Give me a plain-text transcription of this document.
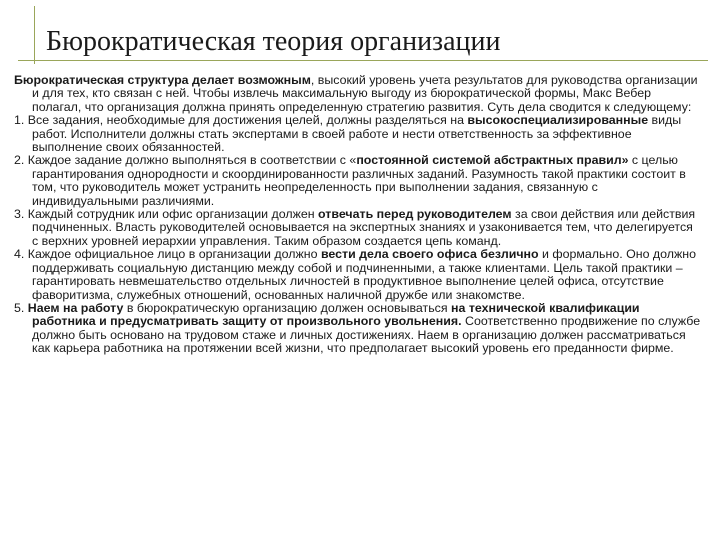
Бюрократическая теория организации

Бюрократическая структура делает возможным, высокий уровень учета результатов для руководства организации и для тех, кто связан с ней. Чтобы извлечь максимальную выгоду из бюрократической формы, Макс Вебер полагал, что организация должна принять определенную стратегию развития. Суть дела сводится к следующему:

1. Все задания, необходимые для достижения целей, должны разделяться на высокоспециализированные виды работ. Исполнители должны стать экспертами в своей работе и нести ответственность за эффективное выполнение своих обязанностей.

2. Каждое задание должно выполняться в соответствии с «постоянной системой абстрактных правил» с целью гарантирования однородности и скоординированности различных заданий. Разумность такой практики состоит в том, что руководитель может устранить неопределенность при выполнении задания, связанную с индивидуальными различиями.

3. Каждый сотрудник или офис организации должен отвечать перед руководителем за свои действия или действия подчиненных. Власть руководителей основывается на экспертных знаниях и узаконивается тем, что делегируется с верхних уровней иерархии управления. Таким образом создается цепь команд.

4. Каждое официальное лицо в организации должно вести дела своего офиса безлично и формально. Оно должно поддерживать социальную дистанцию между собой и подчиненными, а также клиентами. Цель такой практики – гарантировать невмешательство отдельных личностей в продуктивное выполнение целей офиса, отсутствие фаворитизма, служебных отношений, основанных наличной дружбе или знакомстве.

5. Наем на работу в бюрократическую организацию должен основываться на технической квалификации работника и предусматривать защиту от произвольного увольнения. Соответственно продвижение по службе должно быть основано на трудовом стаже и личных достижениях. Наем в организацию должен рассматриваться как карьера работника на протяжении всей жизни, что предполагает высокий уровень его преданности фирме.
